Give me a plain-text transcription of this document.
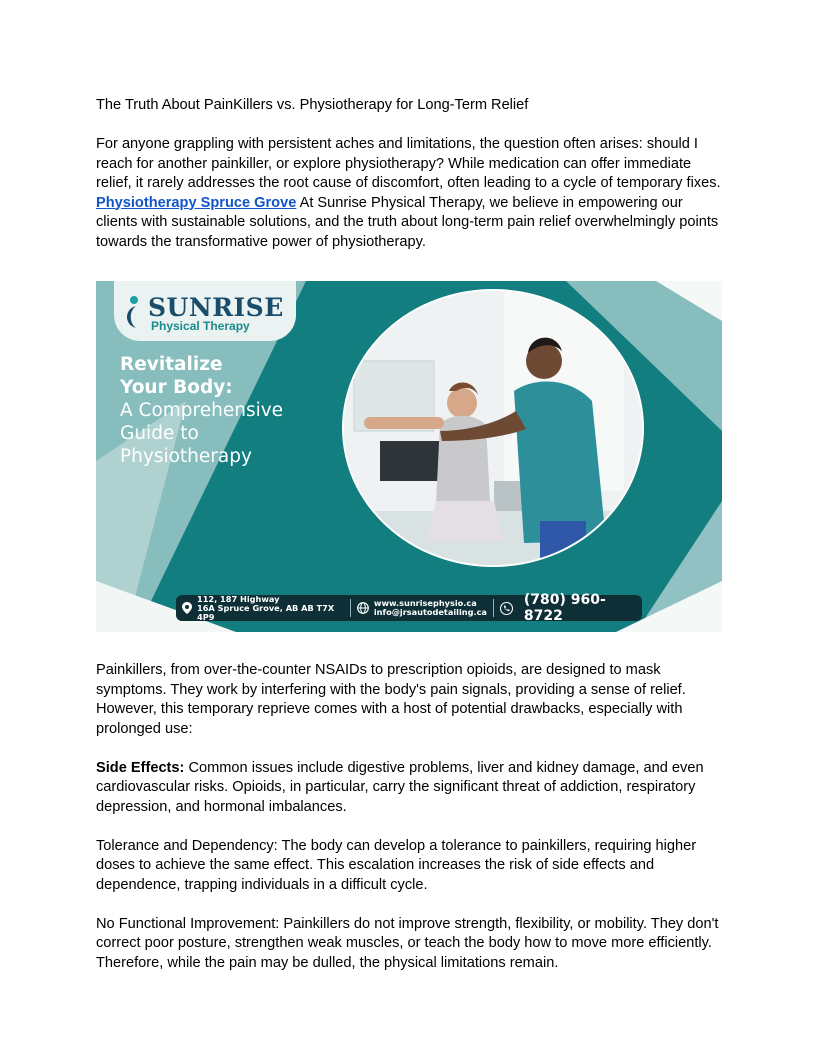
The Truth About PainKillers vs. Physiotherapy for Long-Term Relief

For anyone grappling with persistent aches and limitations, the question often arises: should I reach for another painkiller, or explore physiotherapy? While medication can offer immediate relief, it rarely addresses the root cause of discomfort, often leading to a cycle of temporary fixes. Physiotherapy Spruce Grove At Sunrise Physical Therapy, we believe in empowering our clients with sustainable solutions, and the truth about long-term pain relief overwhelmingly points towards the transformative power of physiotherapy.

SUNRISE
Physical Therapy
Revitalize
Your Body:
A Comprehensive
Guide to
Physiotherapy
112, 187 Highway
16A Spruce Grove, AB AB T7X 4P9
www.sunrisephysio.ca
info@jrsautodetailing.ca
(780) 960-8722

Painkillers, from over-the-counter NSAIDs to prescription opioids, are designed to mask symptoms. They work by interfering with the body's pain signals, providing a sense of relief. However, this temporary reprieve comes with a host of potential drawbacks, especially with prolonged use:

Side Effects: Common issues include digestive problems, liver and kidney damage, and even cardiovascular risks. Opioids, in particular, carry the significant threat of addiction, respiratory depression, and hormonal imbalances.

Tolerance and Dependency: The body can develop a tolerance to painkillers, requiring higher doses to achieve the same effect. This escalation increases the risk of side effects and dependence, trapping individuals in a difficult cycle.

No Functional Improvement: Painkillers do not improve strength, flexibility, or mobility. They don't correct poor posture, strengthen weak muscles, or teach the body how to move more efficiently. Therefore, while the pain may be dulled, the physical limitations remain.
